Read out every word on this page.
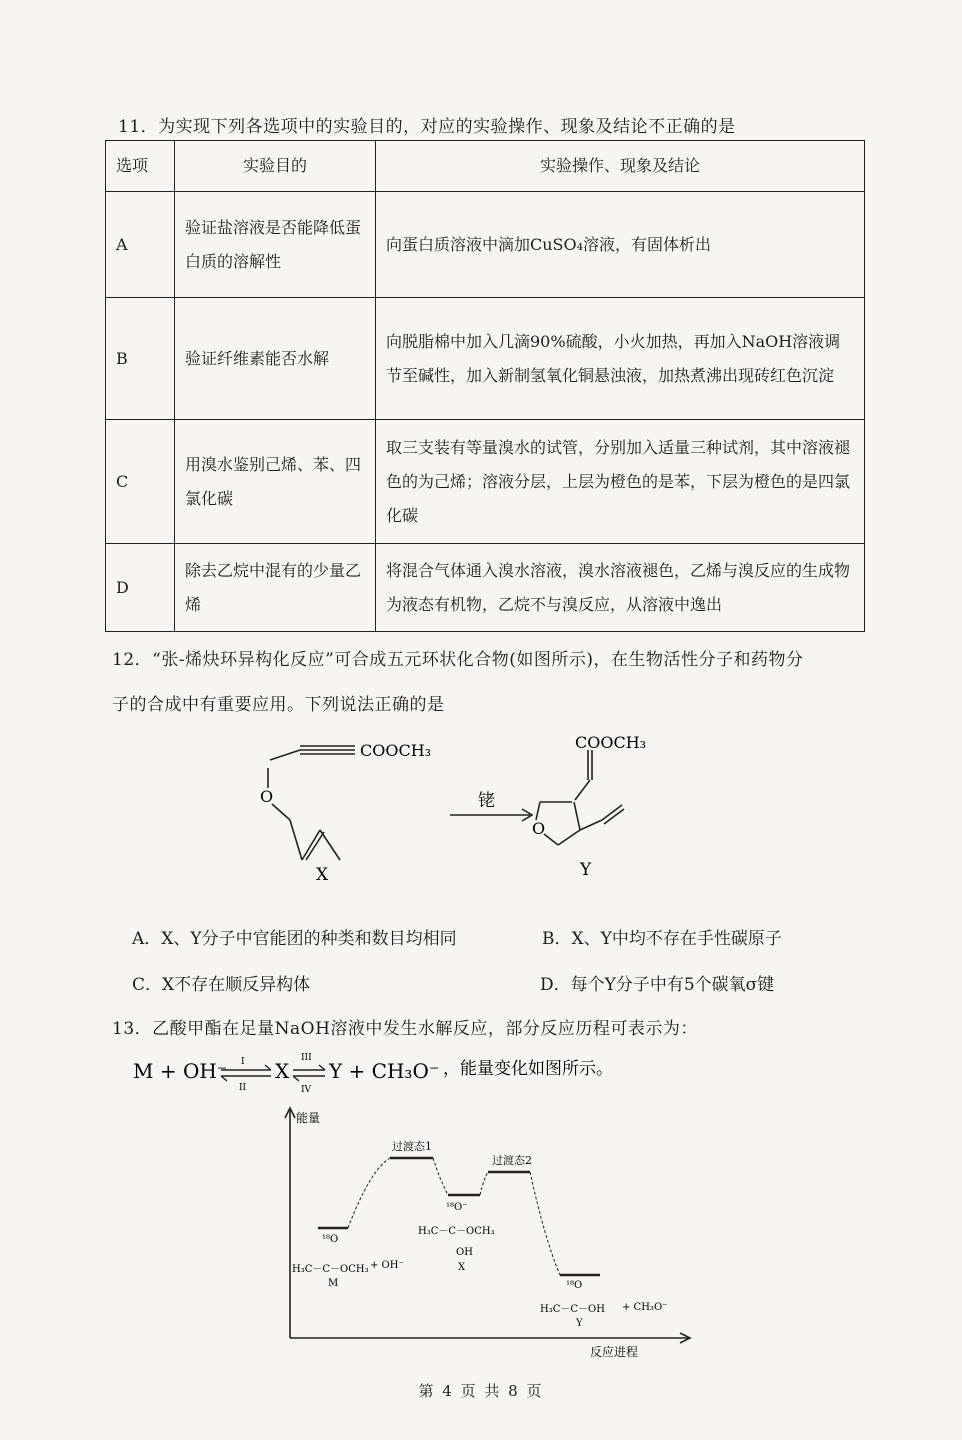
11．为实现下列各选项中的实验目的，对应的实验操作、现象及结论不正确的是
选项	实验目的	实验操作、现象及结论
A	验证盐溶液是否能降低蛋白质的溶解性	向蛋白质溶液中滴加CuSO₄溶液，有固体析出
B	验证纤维素能否水解	向脱脂棉中加入几滴90%硫酸，小火加热，再加入NaOH溶液调节至碱性，加入新制氢氧化铜悬浊液，加热煮沸出现砖红色沉淀
C	用溴水鉴别己烯、苯、四氯化碳	取三支装有等量溴水的试管，分别加入适量三种试剂，其中溶液褪色的为己烯；溶液分层，上层为橙色的是苯，下层为橙色的是四氯化碳
D	除去乙烷中混有的少量乙烯	将混合气体通入溴水溶液，溴水溶液褪色，乙烯与溴反应的生成物为液态有机物，乙烷不与溴反应，从溶液中逸出
12．“张-烯炔环异构化反应”可合成五元环状化合物(如图所示)，在生物活性分子和药物分
子的合成中有重要应用。下列说法正确的是
COOCH₃
O
X
铑
COOCH₃
O
Y
A．X、Y分子中官能团的种类和数目均相同	B．X、Y中均不存在手性碳原子
C．X不存在顺反异构体	D．每个Y分子中有5个碳氧σ键
13．乙酸甲酯在足量NaOH溶液中发生水解反应，部分反应历程可表示为：
M + OH⁻ I
II
X
III
IV
Y + CH₃O⁻ ，能量变化如图所示。
能量
反应进程
过渡态1
过渡态2
¹⁸O
H₃C－C－OCH₃ + OH⁻
M
¹⁸O⁻
H₃C－C－OCH₃
OH
X
¹⁸O
H₃C－C－OH + CH₃O⁻
Y
第 4 页 共 8 页
